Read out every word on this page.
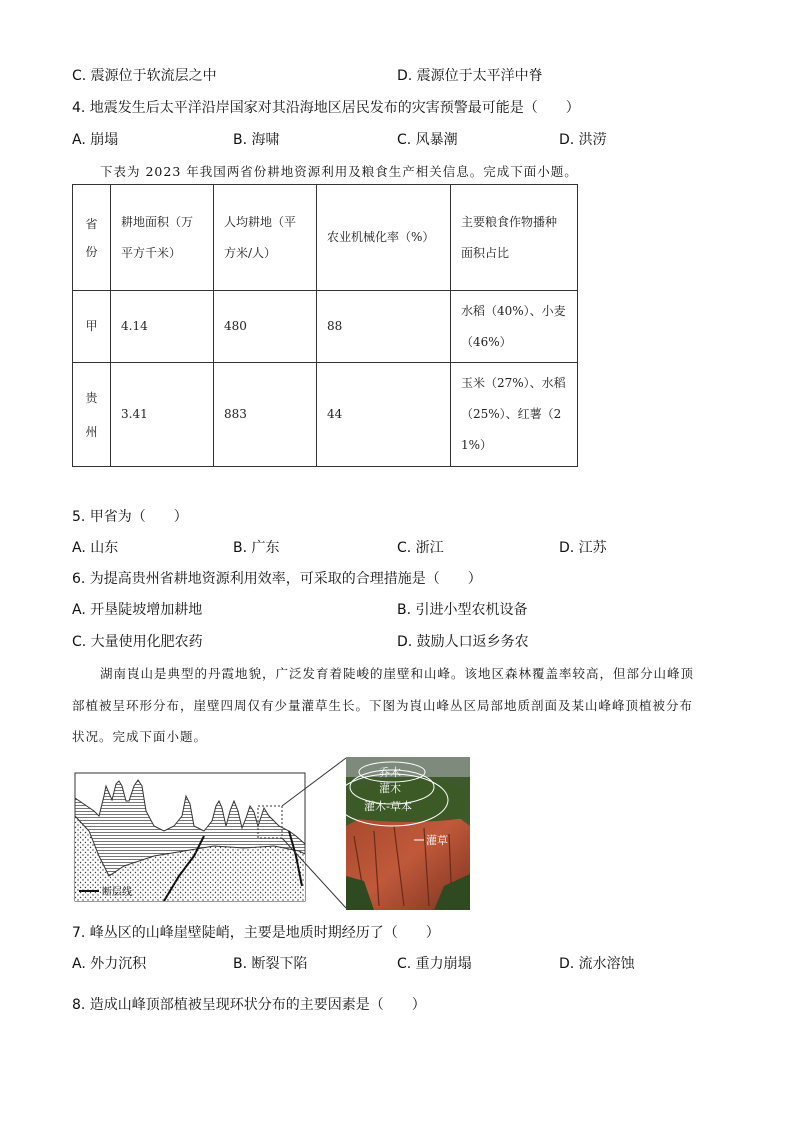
C. 震源位于软流层之中	D. 震源位于太平洋中脊
4. 地震发生后太平洋沿岸国家对其沿海地区居民发布的灾害预警最可能是（　　）
A. 崩塌	B. 海啸	C. 风暴潮	D. 洪涝
下表为 2023 年我国两省份耕地资源利用及粮食生产相关信息。完成下面小题。
省份	耕地面积（万平方千米）	人均耕地（平方米/人）	农业机械化率（%）	主要粮食作物播种面积占比

甲	4.14	480	88	水稻（40%）、小麦（46%）

贵州	3.41	883	44	玉米（27%）、水稻（25%）、红薯（21%）
5. 甲省为（　　）
A. 山东	B. 广东	C. 浙江	D. 江苏
6. 为提高贵州省耕地资源利用效率，可采取的合理措施是（　　）
A. 开垦陡坡增加耕地	B. 引进小型农机设备
C. 大量使用化肥农药	D. 鼓励人口返乡务农
湖南崀山是典型的丹霞地貌，广泛发育着陡峻的崖壁和山峰。该地区森林覆盖率较高，但部分山峰顶
部植被呈环形分布，崖壁四周仅有少量灌草生长。下图为崀山峰丛区局部地质剖面及某山峰峰顶植被分布
状况。完成下面小题。
断层线
乔木
灌木
灌木-草本
灌草
7. 峰丛区的山峰崖壁陡峭，主要是地质时期经历了（　　）
A. 外力沉积	B. 断裂下陷	C. 重力崩塌	D. 流水溶蚀
8. 造成山峰顶部植被呈现环状分布的主要因素是（　　）
